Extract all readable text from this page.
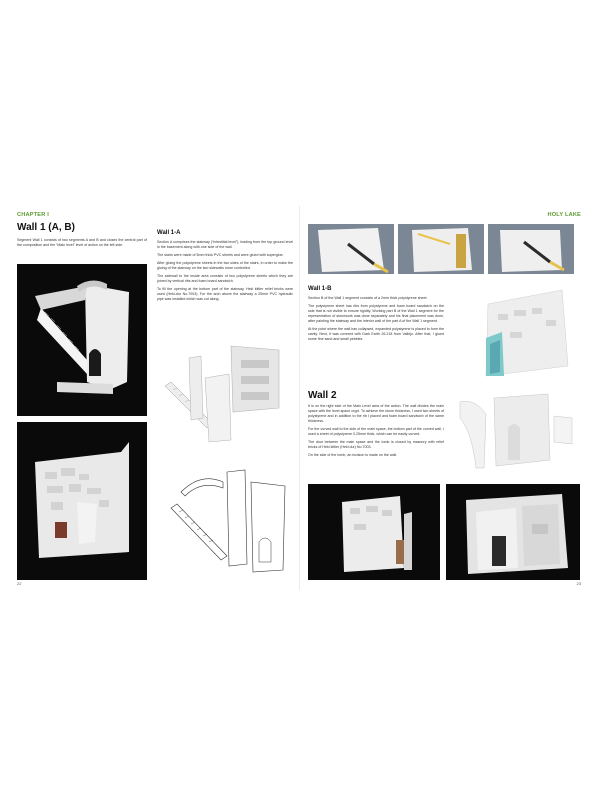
CHAPTER I
Wall 1 (A, B)
Segment Wall 1 consists of two segments A and B and closes the central part of the composition and the “Main level” level of action on the left side.
Wall 1-A

Section A comprises the stairway (“Intestitial level”), leading from the top ground level in the basement along with one side of the wall.

The stairs were made of 5mm thick PVC sheets and were glued with superglue.

After gluing the polystyrene sheets in the two sides of the stairs, in order to make the gluing of the stairway on the two sidewalls more controlled.

The sidewall to the inside area consists of two polystyrene sheets which they are joined by vertical ribs and foam board sandwich.

To fill the opening at the bottom part of the stairway, Heki kittler relief bricks were used (Heki-dur No.7003). For the arch above the stairway a 25mm PVC hydraulic pipe was installed which was cut along.

22
HOLY LAKE
Wall 1-B

Section B of the Wall 1 segment consists of a 2mm thick polystyrene sheet.

The polystyrene sheet has ribs from polystyrene and foam board sandwich on the side that is not visible to ensure rigidity. Working part B of the Wall 1 segment for the representation of stonework was done separately and his final placement was done, after painting the stairway and the interior wall of the part A of the Wall 1 segment.

At the point where the wall has collapsed, expanded polystyrene is placed to form the cavity. Next, it was covered with Dark Earth 26.218 from Vallejo. After that, I glued some fine sand and small pebbles.

Wall 2

It is on the right side of the Main Level area of the action. The wall divides the main space with the level-space crypt. To achieve the stone thickness, I used two sheets of polystyrene and in addition to the rib I placed and foam board sandwich of the same thickness.

For the curved wall to the side of the main space, the bottom part of the curved wall, I used a sheet of polystyrene 0.25mm thick, which can be easily curved.

The door between the main space and the tomb is closed by masonry with relief bricks of Heki kittler (Heki dur) No.7003.

On the side of the tomb, an incision is made on the wall.

23
